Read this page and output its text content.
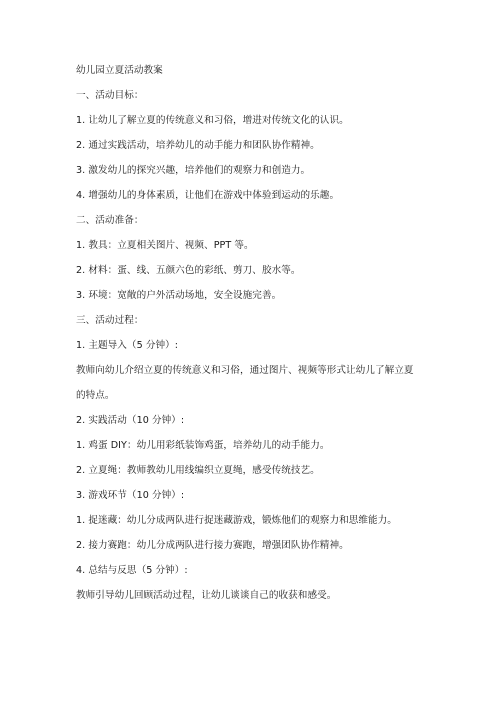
幼儿园立夏活动教案

一、活动目标：

1. 让幼儿了解立夏的传统意义和习俗，增进对传统文化的认识。

2. 通过实践活动，培养幼儿的动手能力和团队协作精神。

3. 激发幼儿的探究兴趣，培养他们的观察力和创造力。

4. 增强幼儿的身体素质，让他们在游戏中体验到运动的乐趣。

二、活动准备：

1. 教具：立夏相关图片、视频、PPT 等。

2. 材料：蛋、线、五颜六色的彩纸、剪刀、胶水等。

3. 环境：宽敞的户外活动场地，安全设施完善。

三、活动过程：

1. 主题导入（5 分钟）:

教师向幼儿介绍立夏的传统意义和习俗，通过图片、视频等形式让幼儿了解立夏

的特点。

2. 实践活动（10 分钟）:

1. 鸡蛋 DIY：幼儿用彩纸装饰鸡蛋，培养幼儿的动手能力。

2. 立夏绳：教师教幼儿用线编织立夏绳，感受传统技艺。

3. 游戏环节（10 分钟）:

1. 捉迷藏：幼儿分成两队进行捉迷藏游戏，锻炼他们的观察力和思维能力。

2. 接力赛跑：幼儿分成两队进行接力赛跑，增强团队协作精神。

4. 总结与反思（5 分钟）:

教师引导幼儿回顾活动过程，让幼儿谈谈自己的收获和感受。
